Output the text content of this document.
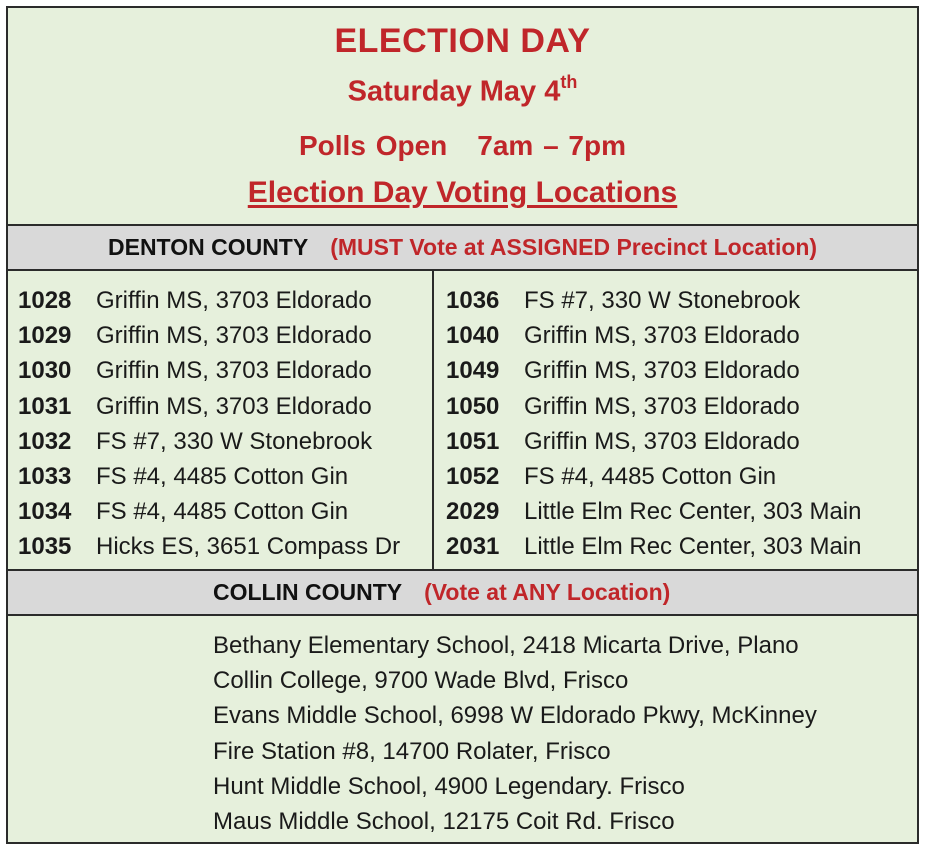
ELECTION DAY
Saturday May 4th
Polls Open 7am – 7pm
Election Day Voting Locations
DENTON COUNTY (MUST Vote at ASSIGNED Precinct Location)
1028 Griffin MS, 3703 Eldorado
1029 Griffin MS, 3703 Eldorado
1030 Griffin MS, 3703 Eldorado
1031 Griffin MS, 3703 Eldorado
1032 FS #7, 330 W Stonebrook
1033 FS #4, 4485 Cotton Gin
1034 FS #4, 4485 Cotton Gin
1035 Hicks ES, 3651 Compass Dr
1036 FS #7, 330 W Stonebrook
1040 Griffin MS, 3703 Eldorado
1049 Griffin MS, 3703 Eldorado
1050 Griffin MS, 3703 Eldorado
1051 Griffin MS, 3703 Eldorado
1052 FS #4, 4485 Cotton Gin
2029 Little Elm Rec Center, 303 Main
2031 Little Elm Rec Center, 303 Main
COLLIN COUNTY (Vote at ANY Location)
Bethany Elementary School, 2418 Micarta Drive, Plano
Collin College, 9700 Wade Blvd, Frisco
Evans Middle School, 6998 W Eldorado Pkwy, McKinney
Fire Station #8, 14700 Rolater, Frisco
Hunt Middle School, 4900 Legendary. Frisco
Maus Middle School, 12175 Coit Rd. Frisco
